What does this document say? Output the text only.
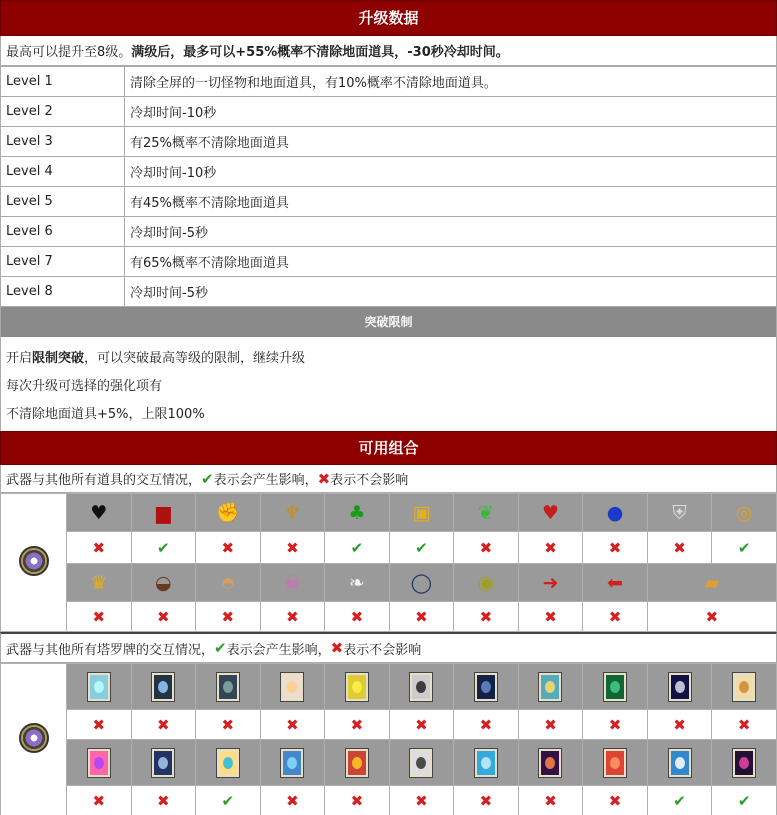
升级数据
最高可以提升至8级。 满级后，最多可以+55%概率不清除地面道具，-30秒冷却时间。
Level 1	清除全屏的一切怪物和地面道具，有10%概率不清除地面道具。
Level 2	冷却时间-10秒
Level 3	有25%概率不清除地面道具
Level 4	冷却时间-10秒
Level 5	有45%概率不清除地面道具
Level 6	冷却时间-5秒
Level 7	有65%概率不清除地面道具
Level 8	冷却时间-5秒
突破限制
开启限制突破，可以突破最高等级的限制，继续升级
每次升级可选择的强化项有
不清除地面道具+5%，上限100%
可用组合
武器与其他所有道具的交互情况， ✔ 表示会产生影响， ✖ 表示不会影响
	♥	▆	✊	♆	♣	▣	❦	♥	●	⛨	◎
	✖	✔	✖	✖	✔	✔	✖	✖	✖	✖	✔
	♛	◒	◓	☠	❧	◯	◉	➜	⬅	▰	
	✖	✖	✖	✖	✖	✖	✖	✖	✖	✖	
武器与其他所有塔罗牌的交互情况， ✔ 表示会产生影响， ✖ 表示不会影响

	✖	✖	✖	✖	✖	✖	✖	✖	✖	✖	✖

	✖	✖	✔	✖	✖	✖	✖	✖	✖	✔	✔
